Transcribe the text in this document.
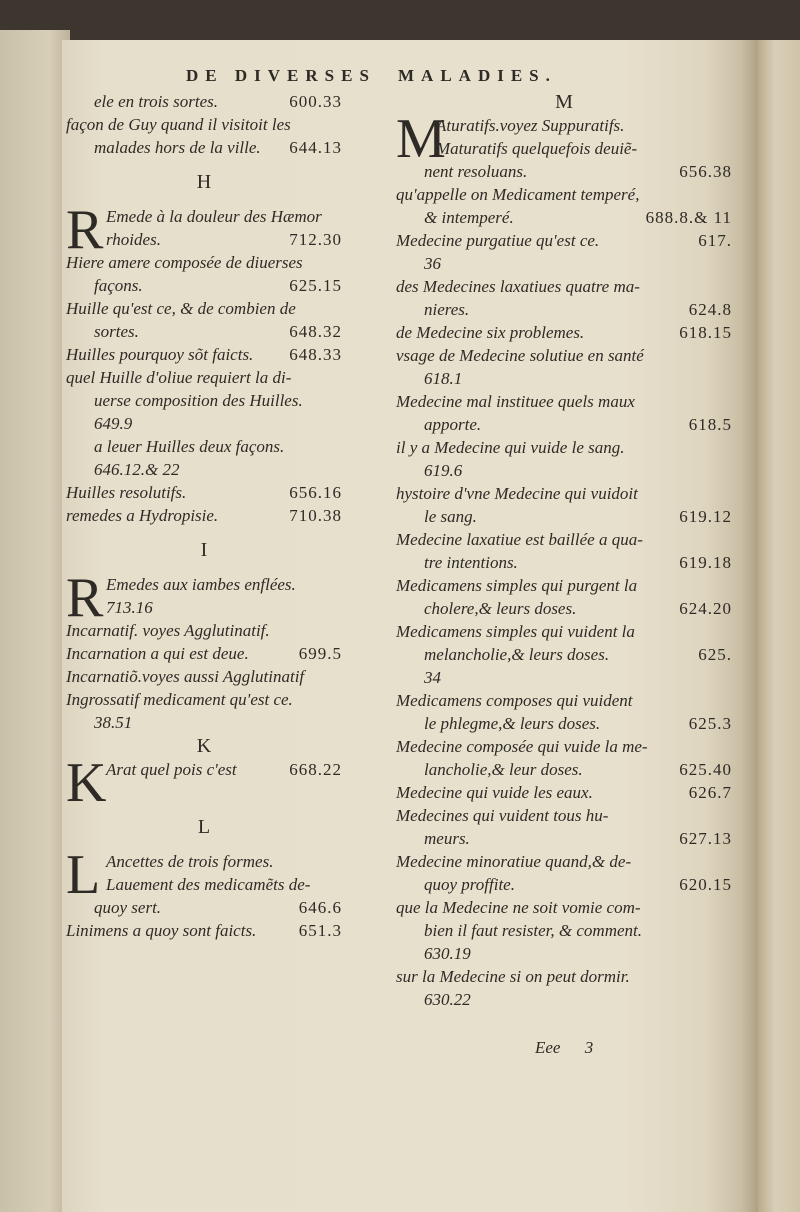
DE DIVERSES MALADIES.
ele en trois sortes.	600.33
façon de Guy quand il visitoit les
malades hors de la ville. 644.13
H
R Emede à la douleur des Hæmor
rhoides.	712.30
Hiere amere composée de diuerses
façons.	625.15
Huille qu'est ce, & de combien de
sortes.	648.32
Huilles pourquoy sõt faicts. 648.33
quel Huille d'oliue requiert la di-
uerse composition des Huilles.
649.9
a leuer Huilles deux façons.
646.12.& 22
Huilles resolutifs.	656.16
remedes a Hydropisie.	710.38
I
R Emedes aux iambes enflées.
713.16
Incarnatif. voyes Agglutinatif.
Incarnation a qui est deue.	699.5
Incarnatiõ.voyes aussi Agglutinatif
Ingrossatif medicament qu'est ce.
38.51
K
K Arat quel pois c'est	668.22
L
L Ancettes de trois formes.
Lauement des medicamẽts de-
quoy sert.	646.6
Linimens a quoy sont faicts. 651.3
M
M
Aturatifs.voyez Suppuratifs.
Maturatifs quelquefois deuiẽ-
nent resoluans.	656.38
qu'appelle on Medicament temperé,
& intemperé.	688.8.& 11
Medecine purgatiue qu'est ce.	617.
36
des Medecines laxatiues quatre ma-
nieres.	624.8
de Medecine six problemes.	618.15
vsage de Medecine solutiue en santé
618.1
Medecine mal instituee quels maux
apporte.	618.5
il y a Medecine qui vuide le sang.
619.6
hystoire d'vne Medecine qui vuidoit
le sang.	619.12
Medecine laxatiue est baillée a qua-
tre intentions.	619.18
Medicamens simples qui purgent la
cholere,& leurs doses.	624.20
Medicamens simples qui vuident la
melancholie,& leurs doses.	625.
34
Medicamens composes qui vuident
le phlegme,& leurs doses.	625.3
Medecine composée qui vuide la me-
lancholie,& leur doses.	625.40
Medecine qui vuide les eaux.	626.7
Medecines qui vuident tous hu-
meurs.	627.13
Medecine minoratiue quand,& de-
quoy proffite.	620.15
que la Medecine ne soit vomie com-
bien il faut resister, & comment.
630.19
sur la Medecine si on peut dormir.
630.22
Eee 3
